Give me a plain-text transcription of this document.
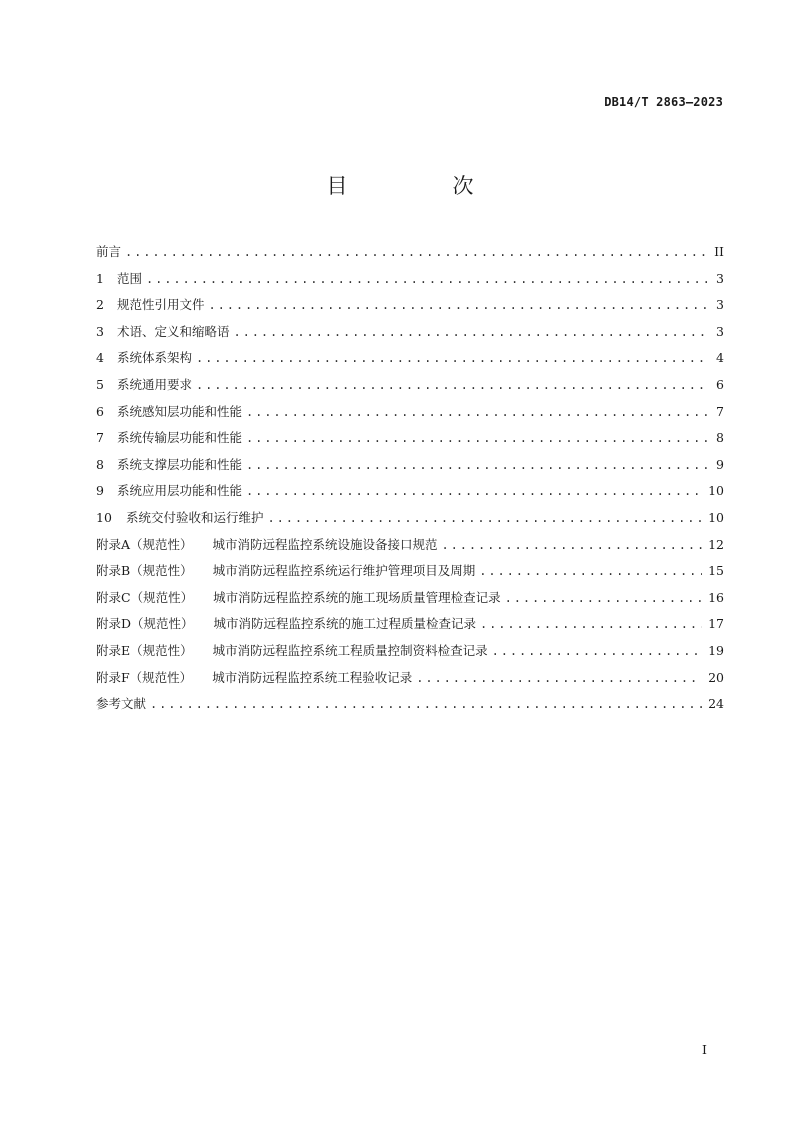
DB14/T 2863—2023
目　次
前言 .....	II
1	范围 .....	3
2	规范性引用文件 .....	3
3	术语、定义和缩略语 .....	3
4	系统体系架构 .....	4
5	系统通用要求 .....	6
6	系统感知层功能和性能 .....	7
7	系统传输层功能和性能 .....	8
8	系统支撑层功能和性能 .....	9
9	系统应用层功能和性能 .....	10
10	系统交付验收和运行维护 .....	10
附录A（规范性） 城市消防远程监控系统设施设备接口规范 .....	12
附录B（规范性） 城市消防远程监控系统运行维护管理项目及周期 .....	15
附录C（规范性） 城市消防远程监控系统的施工现场质量管理检查记录 .....	16
附录D（规范性） 城市消防远程监控系统的施工过程质量检查记录 .....	17
附录E（规范性） 城市消防远程监控系统工程质量控制资料检查记录 .....	19
附录F（规范性） 城市消防远程监控系统工程验收记录 .....	20
参考文献 .....	24
I
